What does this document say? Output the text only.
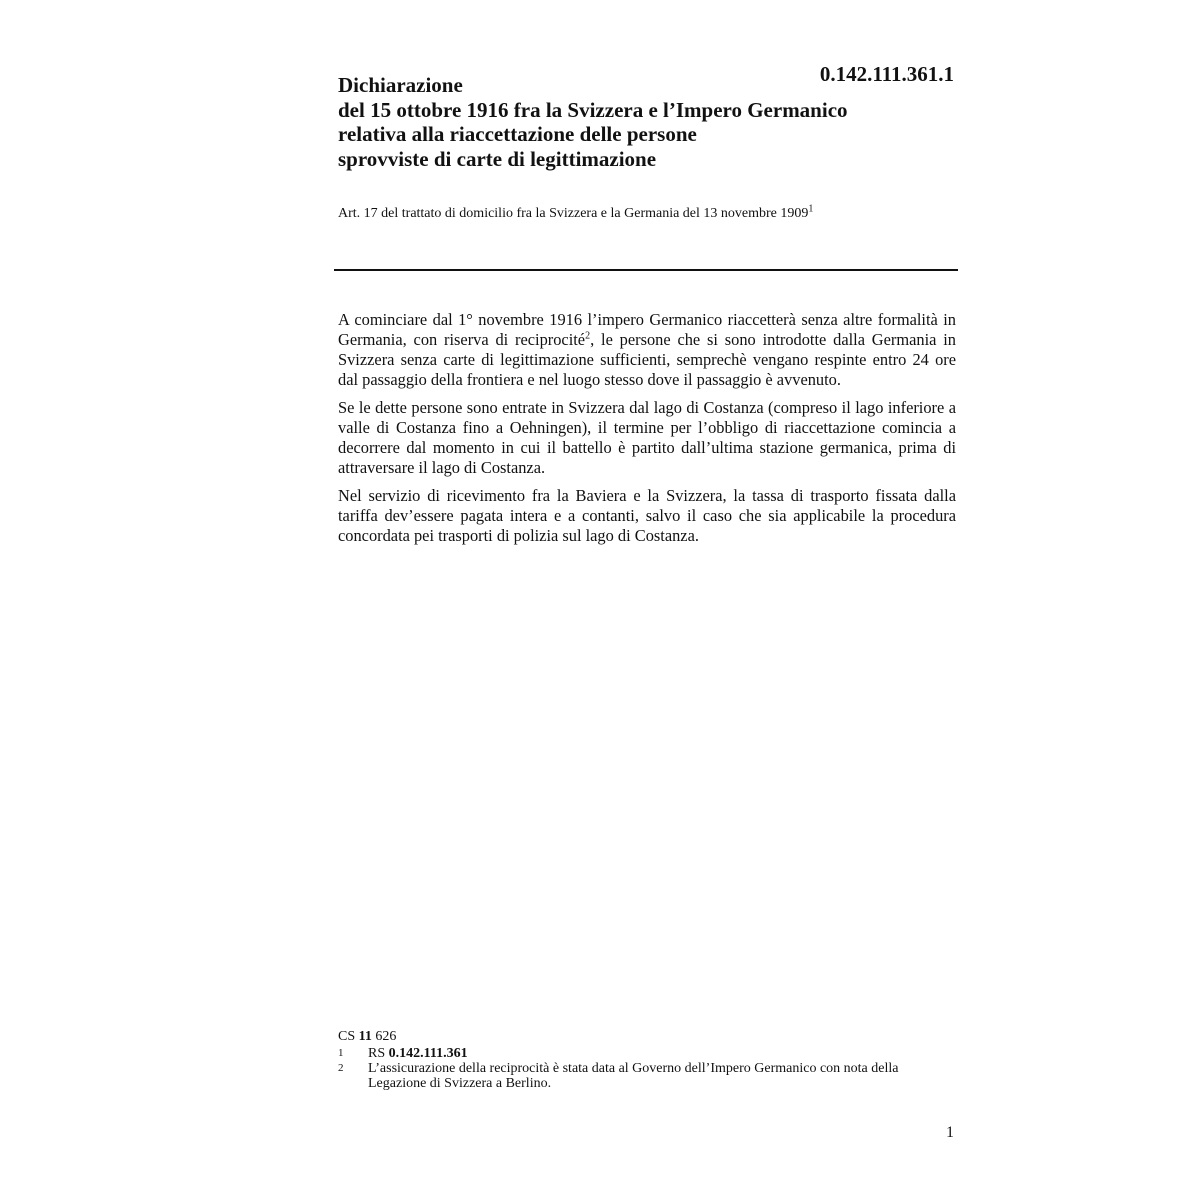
0.142.111.361.1
Dichiarazione
del 15 ottobre 1916 fra la Svizzera e l’Impero Germanico
relativa alla riaccettazione delle persone
sprovviste di carte di legittimazione
Art. 17 del trattato di domicilio fra la Svizzera e la Germania del 13 novembre 1909$^1$

A cominciare dal 1° novembre 1916 l’impero Germanico riaccetterà senza altre formalità in Germania, con riserva di reciprocité$^2$, le persone che si sono introdotte dalla Germania in Svizzera senza carte di legittimazione sufficienti, semprechè vengano respinte entro 24 ore dal passaggio della frontiera e nel luogo stesso dove il passaggio è avvenuto.

Se le dette persone sono entrate in Svizzera dal lago di Costanza (compreso il lago inferiore a valle di Costanza fino a Oehningen), il termine per l’obbligo di riaccettazione comincia a decorrere dal momento in cui il battello è partito dall’ultima stazione germanica, prima di attraversare il lago di Costanza.

Nel servizio di ricevimento fra la Baviera e la Svizzera, la tassa di trasporto fissata dalla tariffa dev’essere pagata intera e a contanti, salvo il caso che sia applicabile la procedura concordata pei trasporti di polizia sul lago di Costanza.

CS 11 626
1	RS 0.142.111.361
2	L’assicurazione della reciprocità è stata data al Governo dell’Impero Germanico con nota della Legazione di Svizzera a Berlino.
1
